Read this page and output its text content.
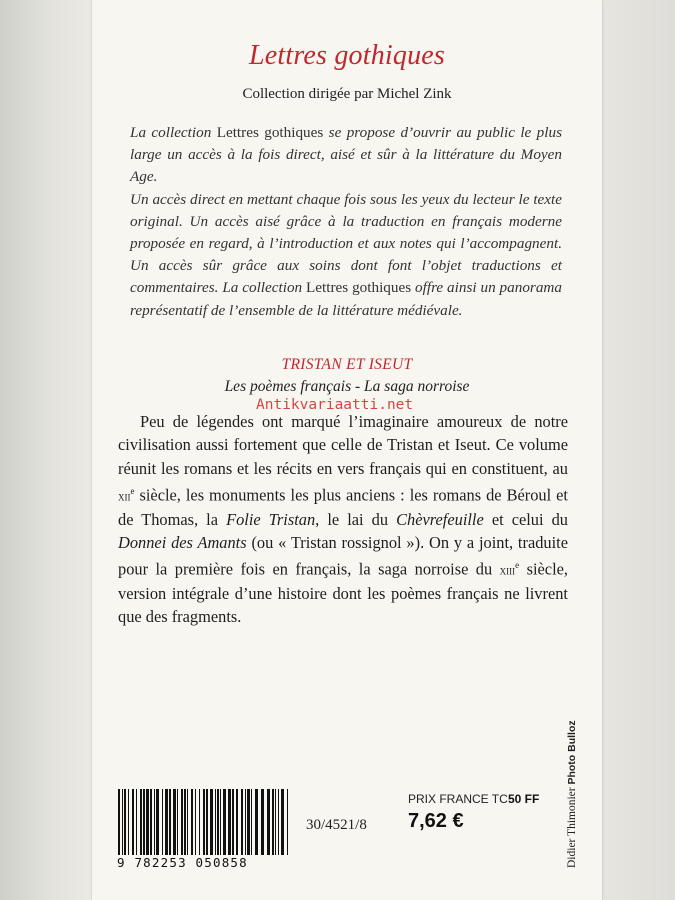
Lettres gothiques
Collection dirigée par Michel Zink

La collection Lettres gothiques se propose d’ouvrir au public le plus large un accès à la fois direct, aisé et sûr à la littérature du Moyen Age.

Un accès direct en mettant chaque fois sous les yeux du lecteur le texte original. Un accès aisé grâce à la traduction en français moderne proposée en regard, à l’introduction et aux notes qui l’accompagnent. Un accès sûr grâce aux soins dont font l’objet traductions et commentaires. La collection Lettres gothiques offre ainsi un panorama représentatif de l’ensemble de la littérature médiévale.

TRISTAN ET ISEUT
Les poèmes français - La saga norroise

Peu de légendes ont marqué l’imaginaire amoureux de notre civilisation aussi fortement que celle de Tristan et Iseut. Ce volume réunit les romans et les récits en vers français qui en constituent, au xii$^e$ siècle, les monuments les plus anciens : les romans de Béroul et de Thomas, la Folie Tristan, le lai du Chèvrefeuille et celui du Donnei des Amants (ou « Tristan rossignol »). On y a joint, traduite pour la première fois en français, la saga norroise du xiii$^e$ siècle, version intégrale d’une histoire dont les poèmes français ne livrent que des fragments.

Antikvariaatti.net
9 782253 050858
30/4521/8
PRIX FRANCE TC 50 FF
7,62 €	Didier Thimonier Photo Bulloz
